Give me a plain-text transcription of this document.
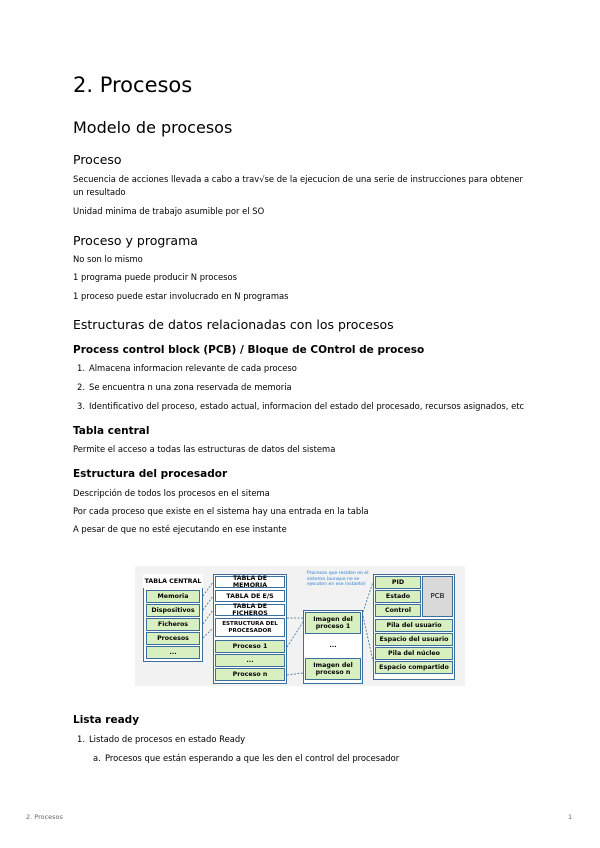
2. Procesos
Modelo de procesos
Proceso
Secuencia de acciones llevada a cabo a trav√se de la ejecucion de una serie de instrucciones para obtener un resultado
Unidad minima de trabajo asumible por el SO
Proceso y programa
No son lo mismo
1 programa puede producir N procesos
1 proceso puede estar involucrado en N programas
Estructuras de datos relacionadas con los procesos
Process control block (PCB) / Bloque de COntrol de proceso
1. Almacena informacion relevante de cada proceso
2. Se encuentra n una zona reservada de memoria
3. Identificativo del proceso, estado actual, informacion del estado del procesado, recursos asignados, etc
Tabla central
Permite el acceso a todas las estructuras de datos del sistema
Estructura del procesador
Descripción de todos los procesos en el sitema
Por cada proceso que existe en el sistema hay una entrada en la tabla
A pesar de que no esté ejecutando en ese instante
TABLA CENTRAL
Memoria
Dispositivos
Ficheros
Procesos
...
TABLA DE MEMORIA
TABLA DE E/S
TABLA DE FICHEROS
ESTRUCTURA DEL PROCESADOR
Proceso 1
...
Proceso n
Procesos que residen en el sistema (aunque no se ejecuten en ese instante)
Imagen del proceso 1
...
Imagen del proceso n
PID
Estado
Control
PCB
Pila del usuario
Espacio del usuario
Pila del núcleo
Espacio compartido
Lista ready
1. Listado de procesos en estado Ready
a. Procesos que están esperando a que les den el control del procesador
2. Procesos	1
